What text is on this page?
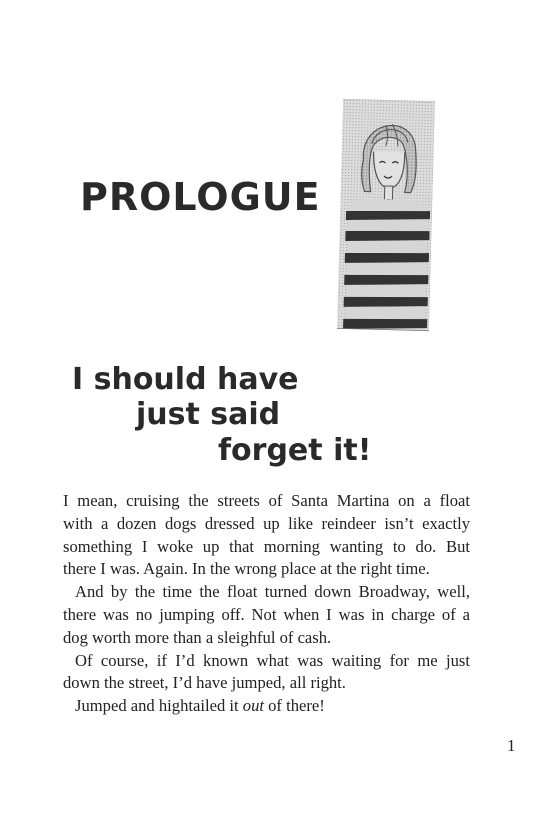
PROLOGUE
I should have
just said
forget it!

I mean, cruising the streets of Santa Martina on a float
with a dozen dogs dressed up like reindeer isn’t exactly
something I woke up that morning wanting to do. But
there I was. Again. In the wrong place at the right time.

And by the time the float turned down Broadway, well,
there was no jumping off. Not when I was in charge of a
dog worth more than a sleighful of cash.

Of course, if I’d known what was waiting for me just
down the street, I’d have jumped, all right.

Jumped and hightailed it out of there!

1
